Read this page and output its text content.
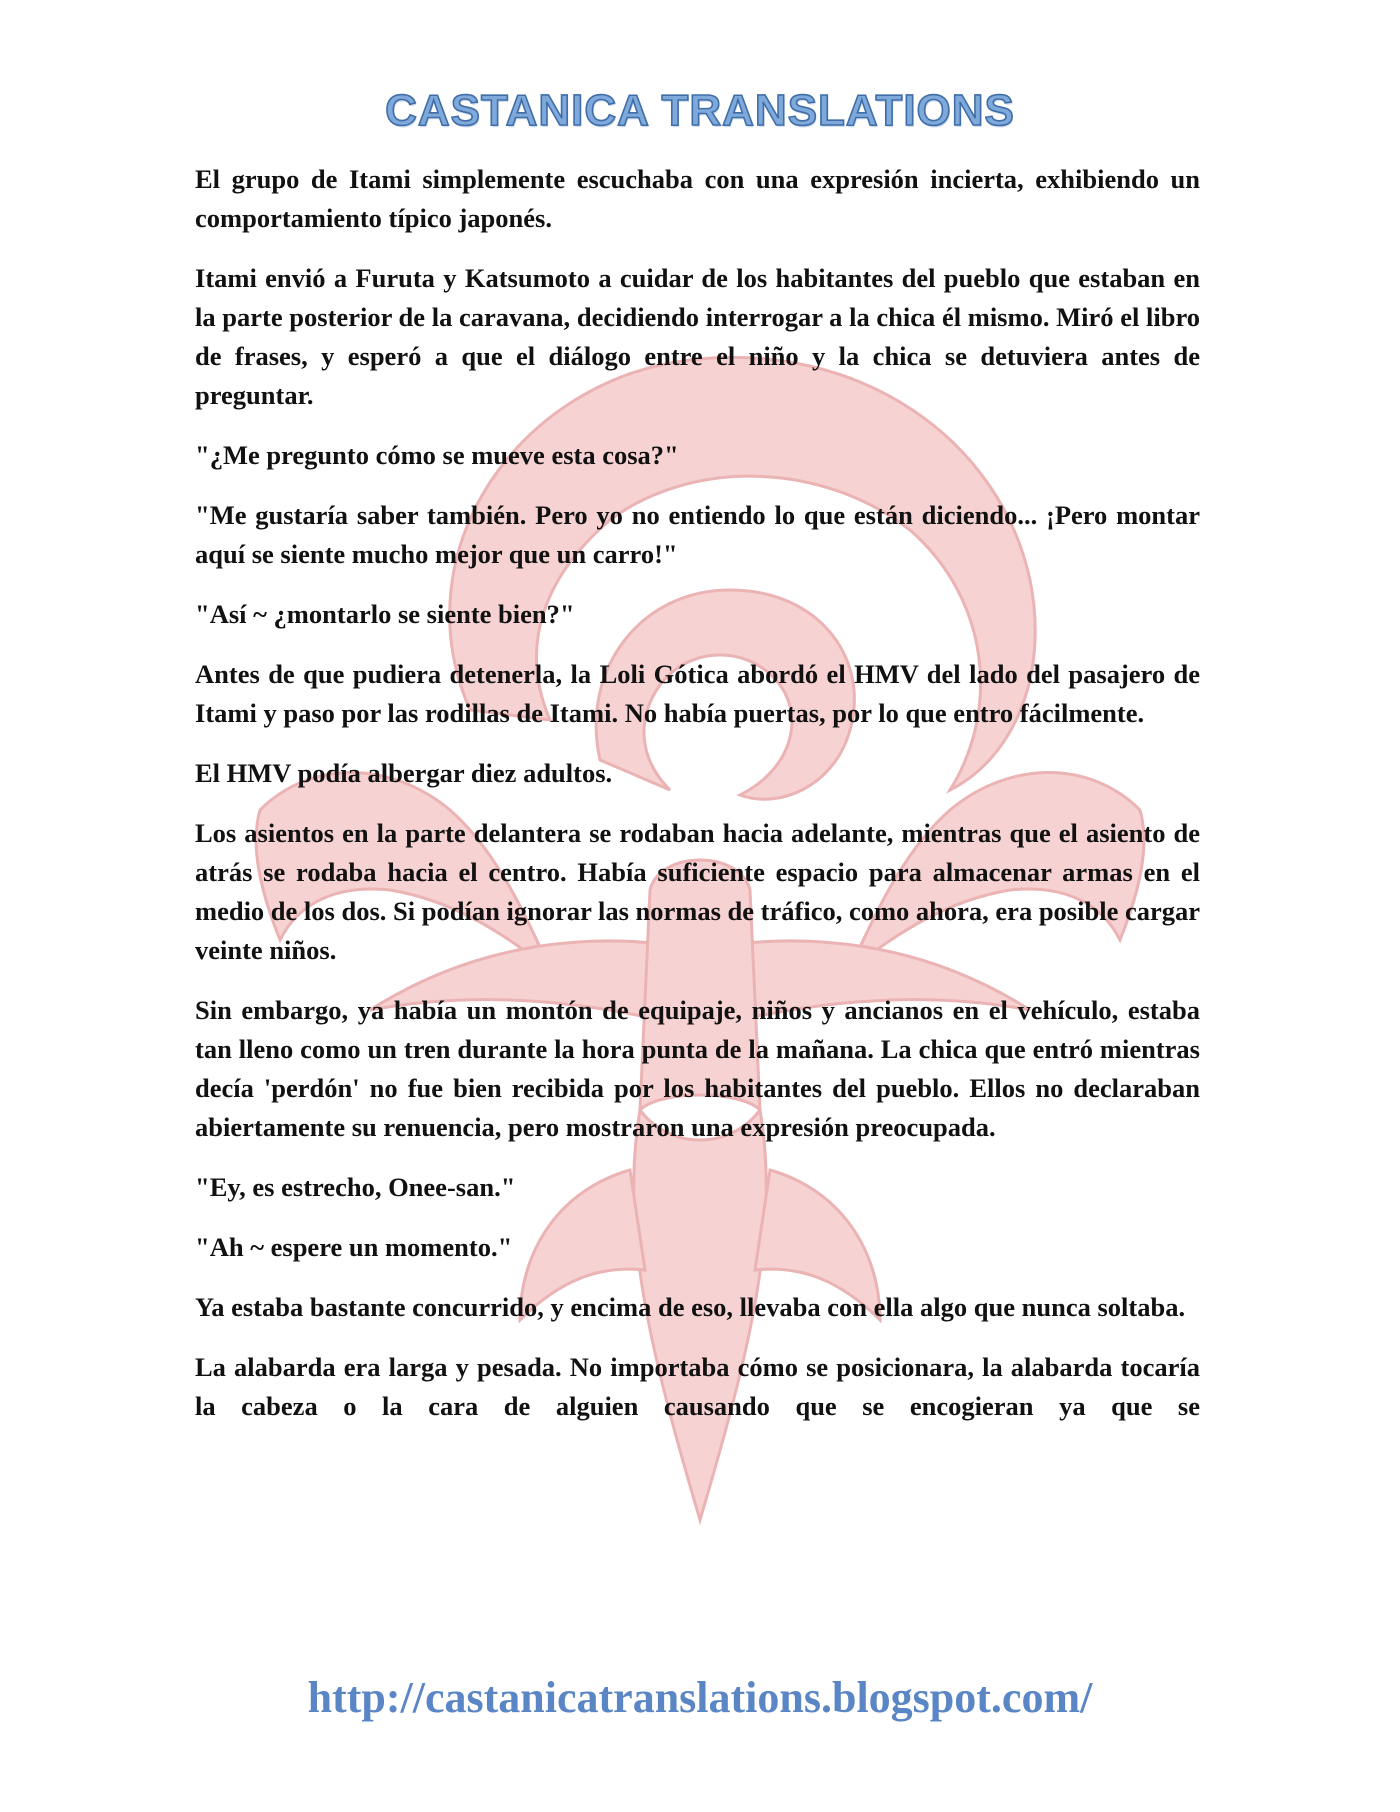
CASTANICA TRANSLATIONS

El grupo de Itami simplemente escuchaba con una expresión incierta, exhibiendo un comportamiento típico japonés.

Itami envió a Furuta y Katsumoto a cuidar de los habitantes del pueblo que estaban en la parte posterior de la caravana, decidiendo interrogar a la chica él mismo. Miró el libro de frases, y esperó a que el diálogo entre el niño y la chica se detuviera antes de preguntar.

"¿Me pregunto cómo se mueve esta cosa?"

"Me gustaría saber también. Pero yo no entiendo lo que están diciendo... ¡Pero montar aquí se siente mucho mejor que un carro!"

"Así ~ ¿montarlo se siente bien?"

Antes de que pudiera detenerla, la Loli Gótica abordó el HMV del lado del pasajero de Itami y paso por las rodillas de Itami. No había puertas, por lo que entro fácilmente.

El HMV podía albergar diez adultos.

Los asientos en la parte delantera se rodaban hacia adelante, mientras que el asiento de atrás se rodaba hacia el centro. Había suficiente espacio para almacenar armas en el medio de los dos. Si podían ignorar las normas de tráfico, como ahora, era posible cargar veinte niños.

Sin embargo, ya había un montón de equipaje, niños y ancianos en el vehículo, estaba tan lleno como un tren durante la hora punta de la mañana. La chica que entró mientras decía 'perdón' no fue bien recibida por los habitantes del pueblo. Ellos no declaraban abiertamente su renuencia, pero mostraron una expresión preocupada.

"Ey, es estrecho, Onee-san."

"Ah ~ espere un momento."

Ya estaba bastante concurrido, y encima de eso, llevaba con ella algo que nunca soltaba.

La alabarda era larga y pesada. No importaba cómo se posicionara, la alabarda tocaría la cabeza o la cara de alguien causando que se encogieran ya que se

http://castanicatranslations.blogspot.com/
